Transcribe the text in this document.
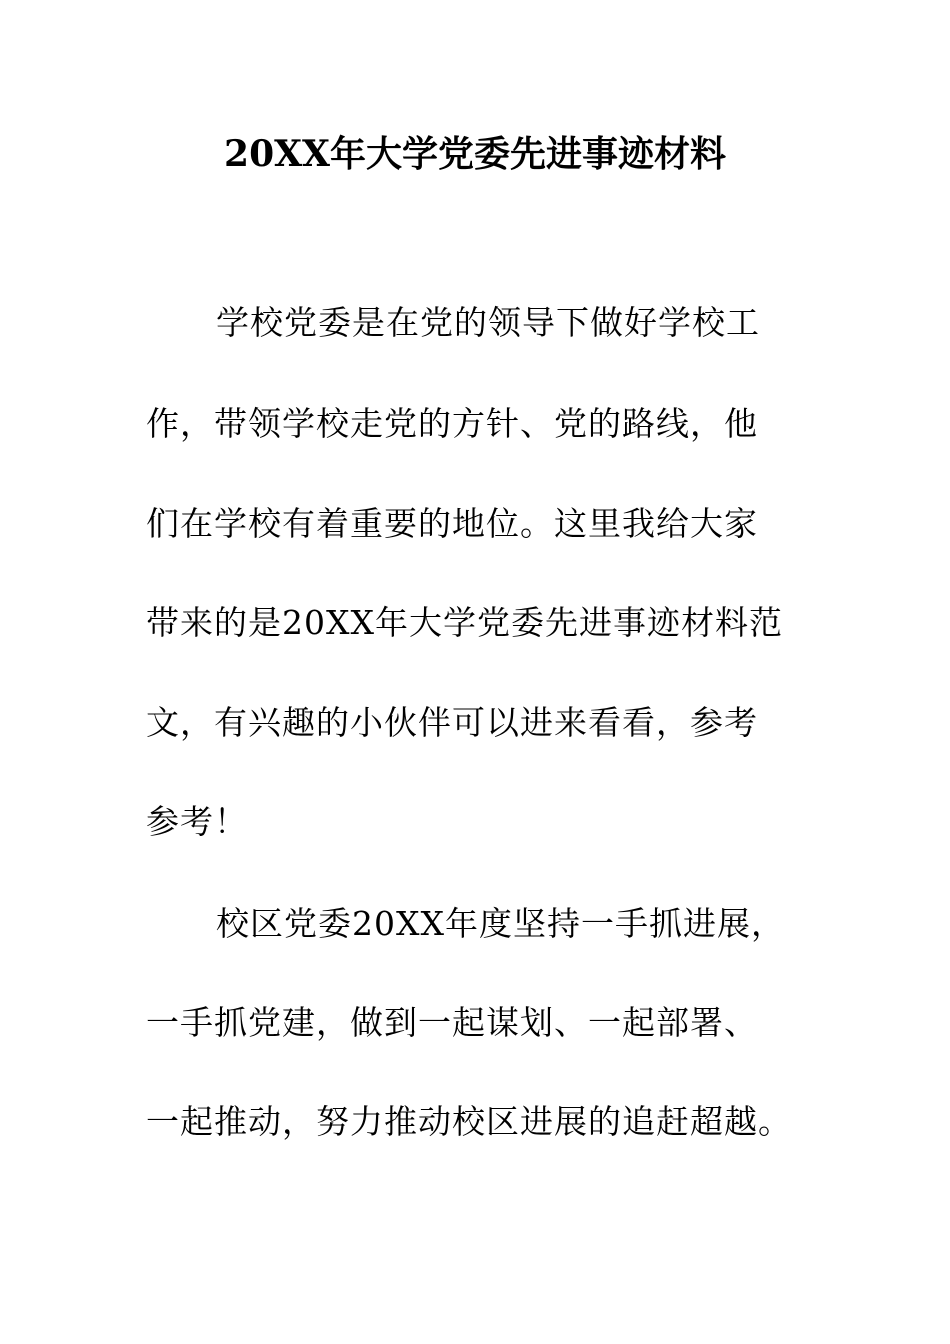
20XX年大学党委先进事迹材料
学校党委是在党的领导下做好学校工
作，带领学校走党的方针、党的路线，他
们在学校有着重要的地位。这里我给大家
带来的是20XX年大学党委先进事迹材料范
文，有兴趣的小伙伴可以进来看看，参考
参考！
校区党委20XX年度坚持一手抓进展，
一手抓党建，做到一起谋划、一起部署、
一起推动，努力推动校区进展的追赶超越。
